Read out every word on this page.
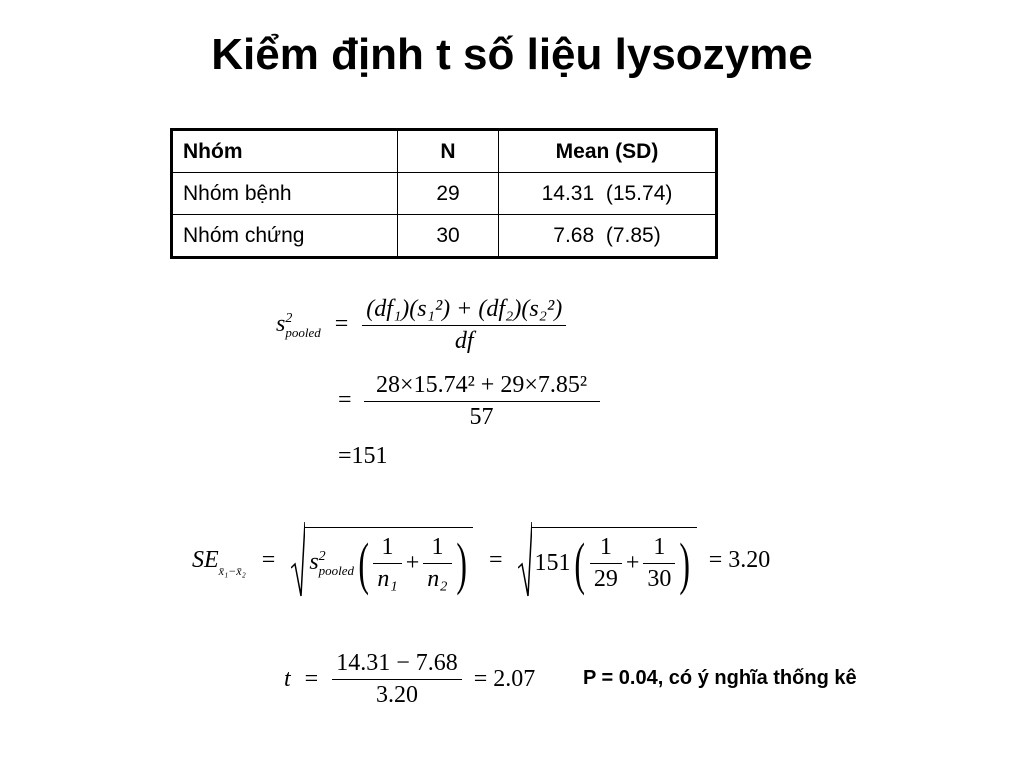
Kiểm định t số liệu lysozyme
Nhóm	N	Mean (SD)
Nhóm bệnh	29	14.31  (15.74)
Nhóm chứng	30	7.68  (7.85)
s 2
pooled = $\frac{\text{(df₁)(s₁²) + (df₂)(s₂²)}}{df}$
= $\frac{\text{28×15.74² + 29×7.85²}}{57}$
=151
$SE_{x̄_1-x̄_2} = s$ 2
pooled ( $\frac{1}{\text{n₁}} + \frac{1}{\text{n₂}}$ ) = $151( \frac{1}{29} + \frac{1}{30}$ ) = 3.20
$t = \frac{14.31 - 7.68}{3.20} = 2.07$ P = 0.04, có ý nghĩa thống kê
